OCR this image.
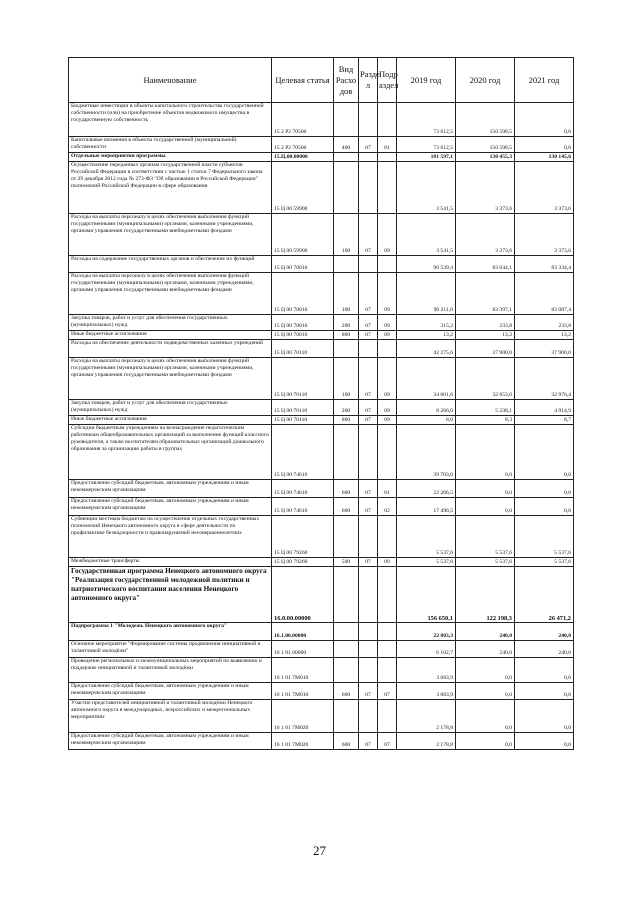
Наименование	Целевая статья	Вид Расхо дов	Разде л	Подр аздел	2019 год	2020 год	2021 год
Бюджетные инвестиции в объекты капитального строительства государственной собственности (или) на приобретение объектов недвижимого имущества в государственную собственность	15 2 Р2 70500				73 612,5	150 598,5	0,0
Капитальные вложения в объекты государственной (муниципальной) собственности	15 2 Р2 70500	400	07	01	73 612,5	150 598,5	0,0
Отдельные мероприятия программы	15.Ц.00.00000				181 597,1	130 455,3	130 145,6
Осуществление переданных органам государственной власти субъектов Российской Федерации в соответствии с частью 1 статьи 7 Федерального закона от 29 декабря 2012 года № 273-ФЗ "Об образовании в Российской Федерации" полномочий Российской Федерации в сфере образования	15 Ц 00 59900				3 541,5	3 373,6	3 373,6
Расходы на выплаты персоналу в целях обеспечения выполнения функций государственными (муниципальными) органами, казенными учреждениями, органами управления государственными внебюджетными фондами	15 Ц 00 59900	100	07	09	3 541,5	3 373,6	3 373,6
Расходы на содержание государственных органов и обеспечение их функций	15 Ц 00 70010				90 539,4	83 644,1	83 334,4
Расходы на выплаты персоналу в целях обеспечения выполнения функций государственными (муниципальными) органами, казенными учреждениями, органами управления государственными внебюджетными фондами	15 Ц 00 70010	100	07	09	90 211,0	83 397,1	83 087,4
Закупка товаров, работ и услуг для обеспечения государственных (муниципальных) нужд	15 Ц 00 70010	200	07	09	315,2	233,8	233,8
Иные бюджетные ассигнования	15 Ц 00 70010	800	07	09	13,2	13,2	13,2
Расходы на обеспечение деятельности подведомственных казенных учреждений	15 Ц 00 70110				42 275,6	37 900,0	37 900,0
Расходы на выплаты персоналу в целях обеспечения выполнения функций государственными (муниципальными) органами, казенными учреждениями, органами управления государственными внебюджетными фондами	15 Ц 00 70110	100	07	09	34 001,6	32 653,6	32 976,4
Закупка товаров, работ и услуг для обеспечения государственных (муниципальных) нужд	15 Ц 00 70110	200	07	09	8 266,0	5 238,1	4 914,9
Иные бюджетные ассигнования	15 Ц 00 70110	800	07	09	8,0	8,3	8,7
Субсидии бюджетным учреждениям на вознаграждение педагогическим работникам общеобразовательных организаций за выполнение функций классного руководителя, а также воспитателям образовательных организаций дошкольного образования за организацию работы в группах	15 Ц 00 74610				39 703,0	0,0	0,0
Предоставление субсидий бюджетным, автономным учреждениям и иным некоммерческим организациям	15 Ц 00 74610	600	07	01	22 206,5	0,0	0,0
Предоставление субсидий бюджетным, автономным учреждениям и иным некоммерческим организациям	15 Ц 00 74610	600	07	02	17 496,5	0,0	0,0
Субвенции местным бюджетам на осуществление отдельных государственных полномочий Ненецкого автономного округа в сфере деятельности по профилактике безнадзорности и правонарушений несовершеннолетних	15 Ц 00 79260				5 537,6	5 537,6	5 537,6
Межбюджетные трансферты	15 Ц 00 79260	500	07	09	5 537,6	5 537,6	5 537,6
Государственная программа Ненецкого автономного округа "Реализация государственной молодежной политики и патриотического воспитания населения Ненецкого автономного округа"	16.0.00.00000				156 650,1	122 198,3	26 471,2
Подпрограмма 1 "Молодежь Ненецкого автономного округа"	16.1.00.00000				22 803,3	240,0	240,0
Основное мероприятие "Формирование системы продвижения инициативной и талантливой молодёжи"	16 1 01 00000				6 102,7	240,0	240,0
Проведение региональных и межмуниципальных мероприятий по выявлению и поддержке инициативной и талантливой молодёжи	16 1 01 7М010				3 683,9	0,0	0,0
Предоставление субсидий бюджетным, автономным учреждениям и иным некоммерческим организациям	16 1 01 7М010	600	07	07	3 683,9	0,0	0,0
Участие представителей инициативной и талантливой молодёжи Ненецкого автономного округа в международных, всероссийских и межрегиональных мероприятиях	16 1 01 7М020				2 178,8	0,0	0,0
Предоставление субсидий бюджетным, автономным учреждениям и иным некоммерческим организациям	16 1 01 7М020	600	07	07	2 178,8	0,0	0,0
27
